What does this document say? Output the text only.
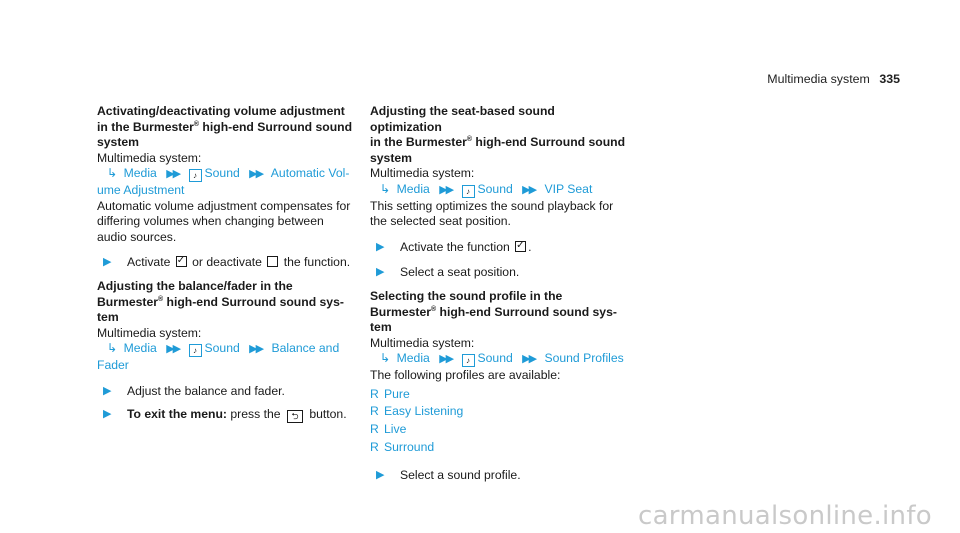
Multimedia system 335

Activating/deactivating volume adjustment
in the Burmester® high-end Surround sound
system

Multimedia system:

↳ Media ▶▶ ♪ Sound ▶▶ Automatic Vol-
ume Adjustment

Automatic volume adjustment compensates for differing volumes when changing between audio sources.

▶	Activate ✓ or deactivate the function.

Adjusting the balance/fader in the
Burmester® high-end Surround sound sys-
tem

Multimedia system:

↳ Media ▶▶ ♪ Sound ▶▶ Balance and
Fader

▶	Adjust the balance and fader.

▶	To exit the menu: press the ⮌ button.

Adjusting the seat-based sound optimization
in the Burmester® high-end Surround sound
system

Multimedia system:

↳ Media ▶▶ ♪ Sound ▶▶ VIP Seat

This setting optimizes the sound playback for the selected seat position.

▶	Activate the function ✓ .

▶	Select a seat position.

Selecting the sound profile in the
Burmester® high-end Surround sound sys-
tem

Multimedia system:

↳ Media ▶▶ ♪ Sound ▶▶ Sound Profiles

The following profiles are available:

R Pure

R Easy Listening

R Live

R Surround

▶	Select a sound profile.

carmanualsonline.info
